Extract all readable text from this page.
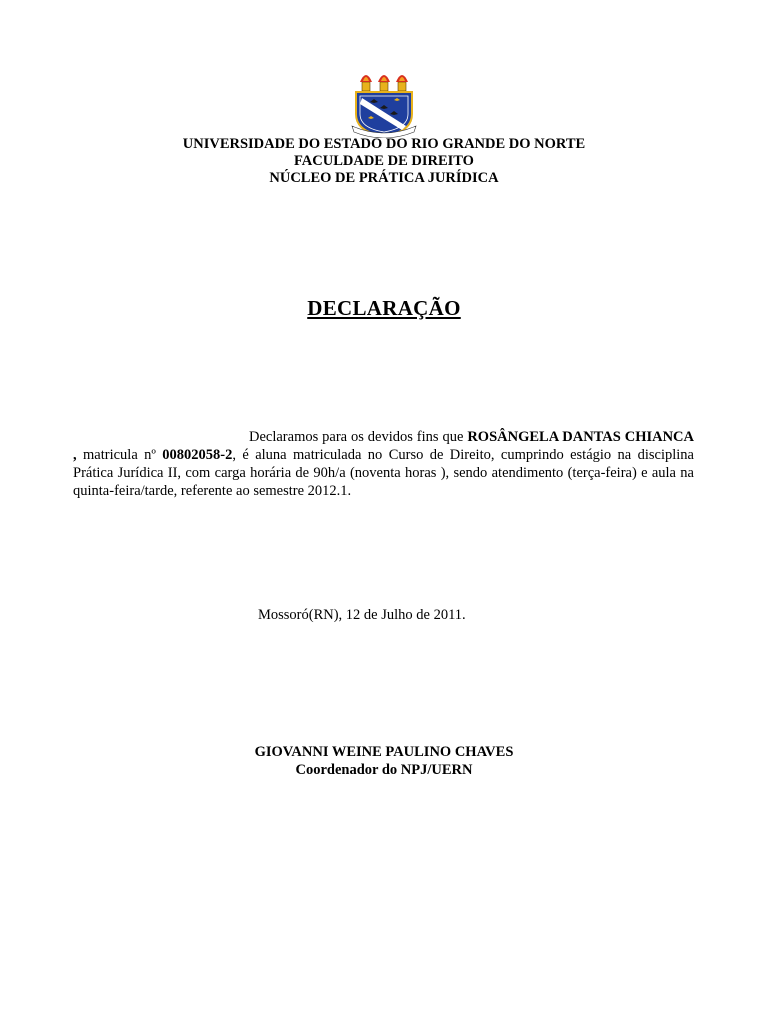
UNIVERSIDADE DO ESTADO DO RIO GRANDE DO NORTE
FACULDADE DE DIREITO
NÚCLEO DE PRÁTICA JURÍDICA
DECLARAÇÃO
Declaramos para os devidos fins que ROSÂNGELA DANTAS CHIANCA , matricula nº 00802058-2, é aluna matriculada no Curso de Direito, cumprindo estágio na disciplina Prática Jurídica II, com carga horária de 90h/a (noventa horas ), sendo atendimento (terça-feira) e aula na quinta-feira/tarde, referente ao semestre 2012.1.
Mossoró(RN), 12 de Julho de 2011.
GIOVANNI WEINE PAULINO CHAVES
Coordenador do NPJ/UERN
